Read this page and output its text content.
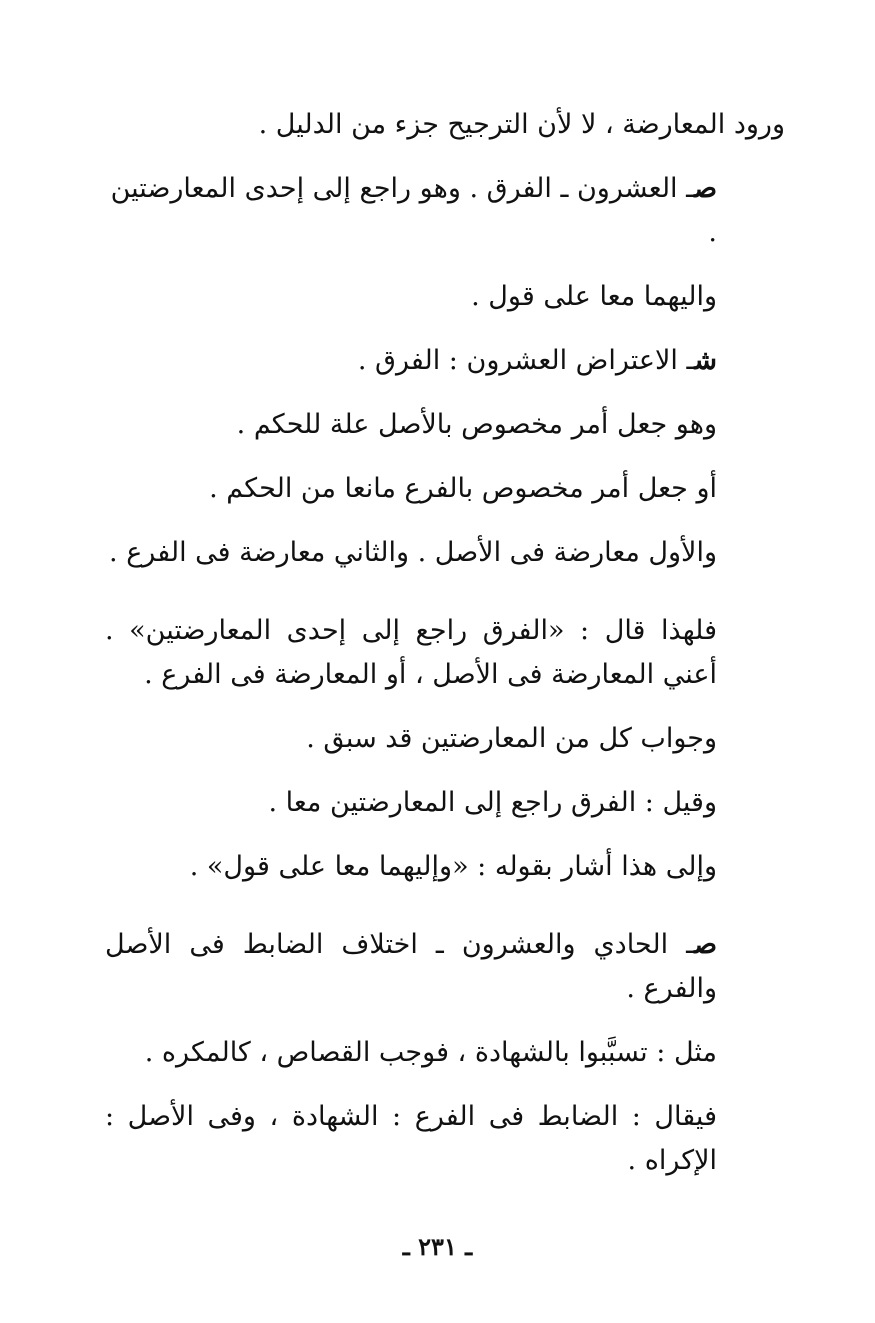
ورود المعارضة ، لا لأن الترجيح جزء من الدليل .

صـ العشرون ـ الفرق . وهو راجع إلى إحدى المعارضتين .

واليهما معا على قول .

شـ الاعتراض العشرون : الفرق .

وهو جعل أمر مخصوص بالأصل علة للحكم .

أو جعل أمر مخصوص بالفرع مانعا من الحكم .

والأول معارضة فى الأصل . والثاني معارضة فى الفرع .

فلهذا قال : «الفرق راجع إلى إحدى المعارضتين» . أعني المعارضة فى الأصل ، أو المعارضة فى الفرع .

وجواب كل من المعارضتين قد سبق .

وقيل : الفرق راجع إلى المعارضتين معا .

وإلى هذا أشار بقوله : «وإليهما معا على قول» .

صـ الحادي والعشرون ـ اختلاف الضابط فى الأصل والفرع .

مثل : تسبَّبوا بالشهادة ، فوجب القصاص ، كالمكره .

فيقال : الضابط فى الفرع : الشهادة ، وفى الأصل : الإكراه .

ـ ٢٣١ ـ
